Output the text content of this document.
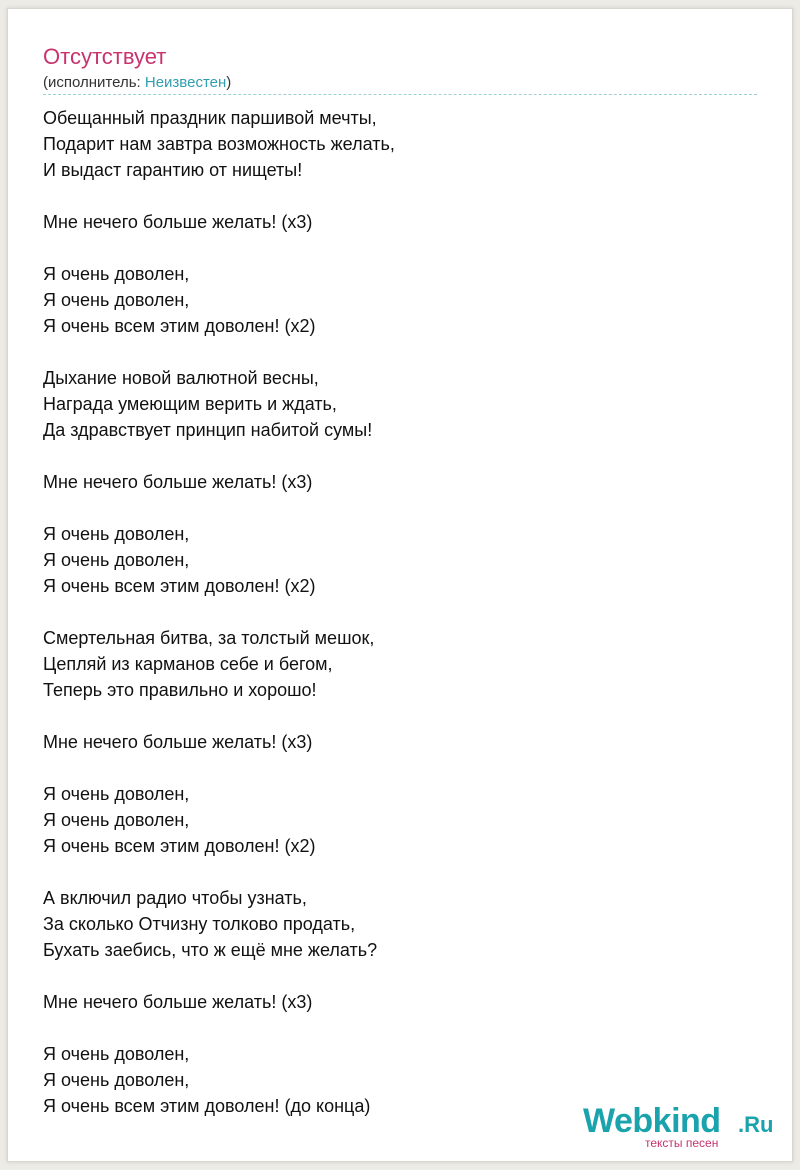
Отсутствует
(исполнитель: Неизвестен)
Обещанный праздник паршивой мечты,
Подарит нам завтра возможность желать,
И выдаст гарантию от нищеты!
Мне нечего больше желать! (x3)
Я очень доволен,
Я очень доволен,
Я очень всем этим доволен! (x2)
Дыхание новой валютной весны,
Награда умеющим верить и ждать,
Да здравствует принцип набитой сумы!
Мне нечего больше желать! (x3)
Я очень доволен,
Я очень доволен,
Я очень всем этим доволен! (x2)
Смертельная битва, за толстый мешок,
Цепляй из карманов себе и бегом,
Теперь это правильно и хорошо!
Мне нечего больше желать! (x3)
Я очень доволен,
Я очень доволен,
Я очень всем этим доволен! (x2)
А включил радио чтобы узнать,
За сколько Отчизну толково продать,
Бухать заебись, что ж ещё мне желать?
Мне нечего больше желать! (x3)
Я очень доволен,
Я очень доволен,
Я очень всем этим доволен! (до конца)	Webkind .Ru
тексты песен
